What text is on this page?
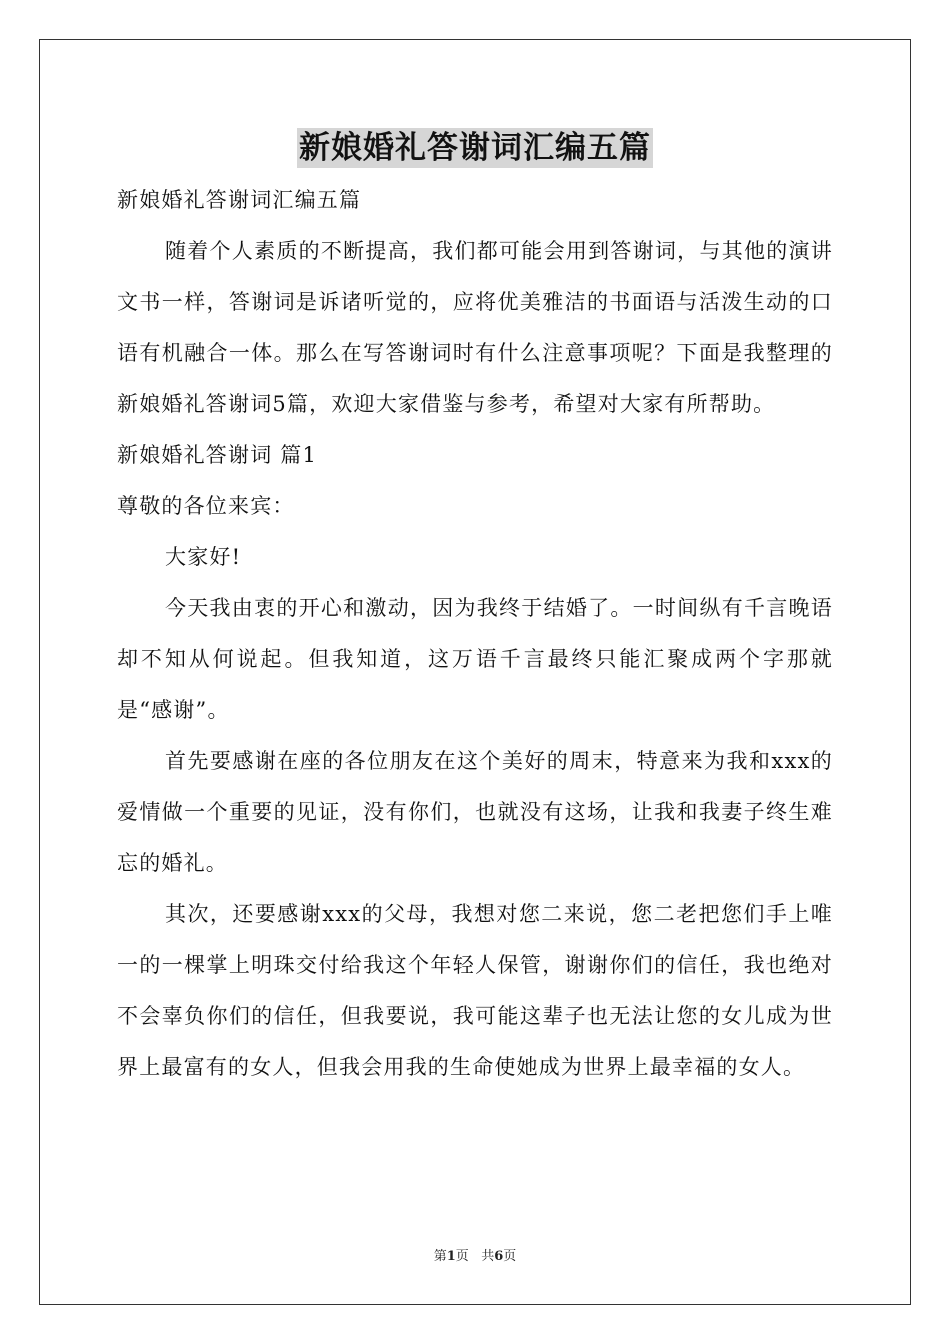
新娘婚礼答谢词汇编五篇

新娘婚礼答谢词汇编五篇

随着个人素质的不断提高，我们都可能会用到答谢词，与其他的演讲文书一样，答谢词是诉诸听觉的，应将优美雅洁的书面语与活泼生动的口语有机融合一体。那么在写答谢词时有什么注意事项呢？下面是我整理的新娘婚礼答谢词5篇，欢迎大家借鉴与参考，希望对大家有所帮助。

新娘婚礼答谢词 篇1

尊敬的各位来宾：

大家好!

今天我由衷的开心和激动，因为我终于结婚了。一时间纵有千言晚语却不知从何说起。但我知道，这万语千言最终只能汇聚成两个字那就是“感谢”。

首先要感谢在座的各位朋友在这个美好的周末，特意来为我和xxx的爱情做一个重要的见证，没有你们，也就没有这场，让我和我妻子终生难忘的婚礼。

其次，还要感谢xxx的父母，我想对您二来说，您二老把您们手上唯一的一棵掌上明珠交付给我这个年轻人保管，谢谢你们的信任，我也绝对不会辜负你们的信任，但我要说，我可能这辈子也无法让您的女儿成为世界上最富有的女人，但我会用我的生命使她成为世界上最幸福的女人。

第1页 共6页
